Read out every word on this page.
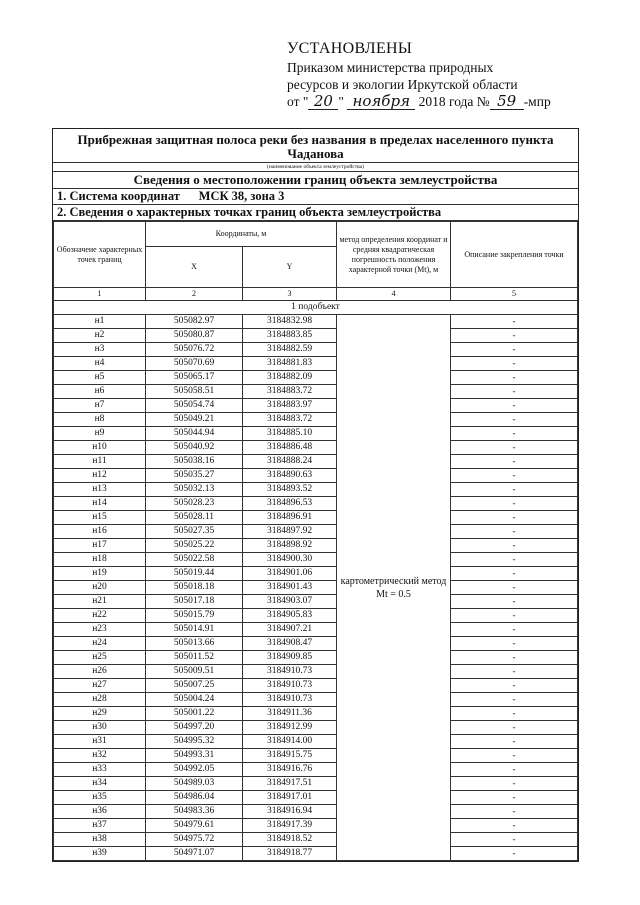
УСТАНОВЛЕНЫ
Приказом министерства природных
ресурсов и экологии Иркутской области
от " 20 " ноября 2018 года № 59 -мпр
Прибрежная защитная полоса реки без названия в пределах населенного пункта Чаданова
(наименование объекта землеустройства)
Сведения о местоположении границ объекта землеустройства
1. Система координат МСК 38, зона 3
2. Сведения о характерных точках границ объекта землеустройства
Обозначеие характерных точек границ	Координаты, м		метод определения координат и средняя квадратическая погрешность положения характерной точки (Mt), м	Описание закрепления точки
	X	Y		
1	2	3	4	5
1 подобъект				
н1	505082.97	3184832.98	картометрический метод Mt = 0.5	-
н2	505080.87	3184883.85		-
н3	505076.72	3184882.59		-
н4	505070.69	3184881.83		-
н5	505065.17	3184882.09		-
н6	505058.51	3184883.72		-
н7	505054.74	3184883.97		-
н8	505049.21	3184883.72		-
н9	505044.94	3184885.10		-
н10	505040.92	3184886.48		-
н11	505038.16	3184888.24		-
н12	505035.27	3184890.63		-
н13	505032.13	3184893.52		-
н14	505028.23	3184896.53		-
н15	505028.11	3184896.91		-
н16	505027.35	3184897.92		-
н17	505025.22	3184898.92		-
н18	505022.58	3184900.30		-
н19	505019.44	3184901.06		-
н20	505018.18	3184901.43		-
н21	505017.18	3184903.07		-
н22	505015.79	3184905.83		-
н23	505014.91	3184907.21		-
н24	505013.66	3184908.47		-
н25	505011.52	3184909.85		-
н26	505009.51	3184910.73		-
н27	505007.25	3184910.73		-
н28	505004.24	3184910.73		-
н29	505001.22	3184911.36		-
н30	504997.20	3184912.99		-
н31	504995.32	3184914.00		-
н32	504993.31	3184915.75		-
н33	504992.05	3184916.76		-
н34	504989.03	3184917.51		-
н35	504986.04	3184917.01		-
н36	504983.36	3184916.94		-
н37	504979.61	3184917.39		-
н38	504975.72	3184918.52		-
н39	504971.07	3184918.77		-
